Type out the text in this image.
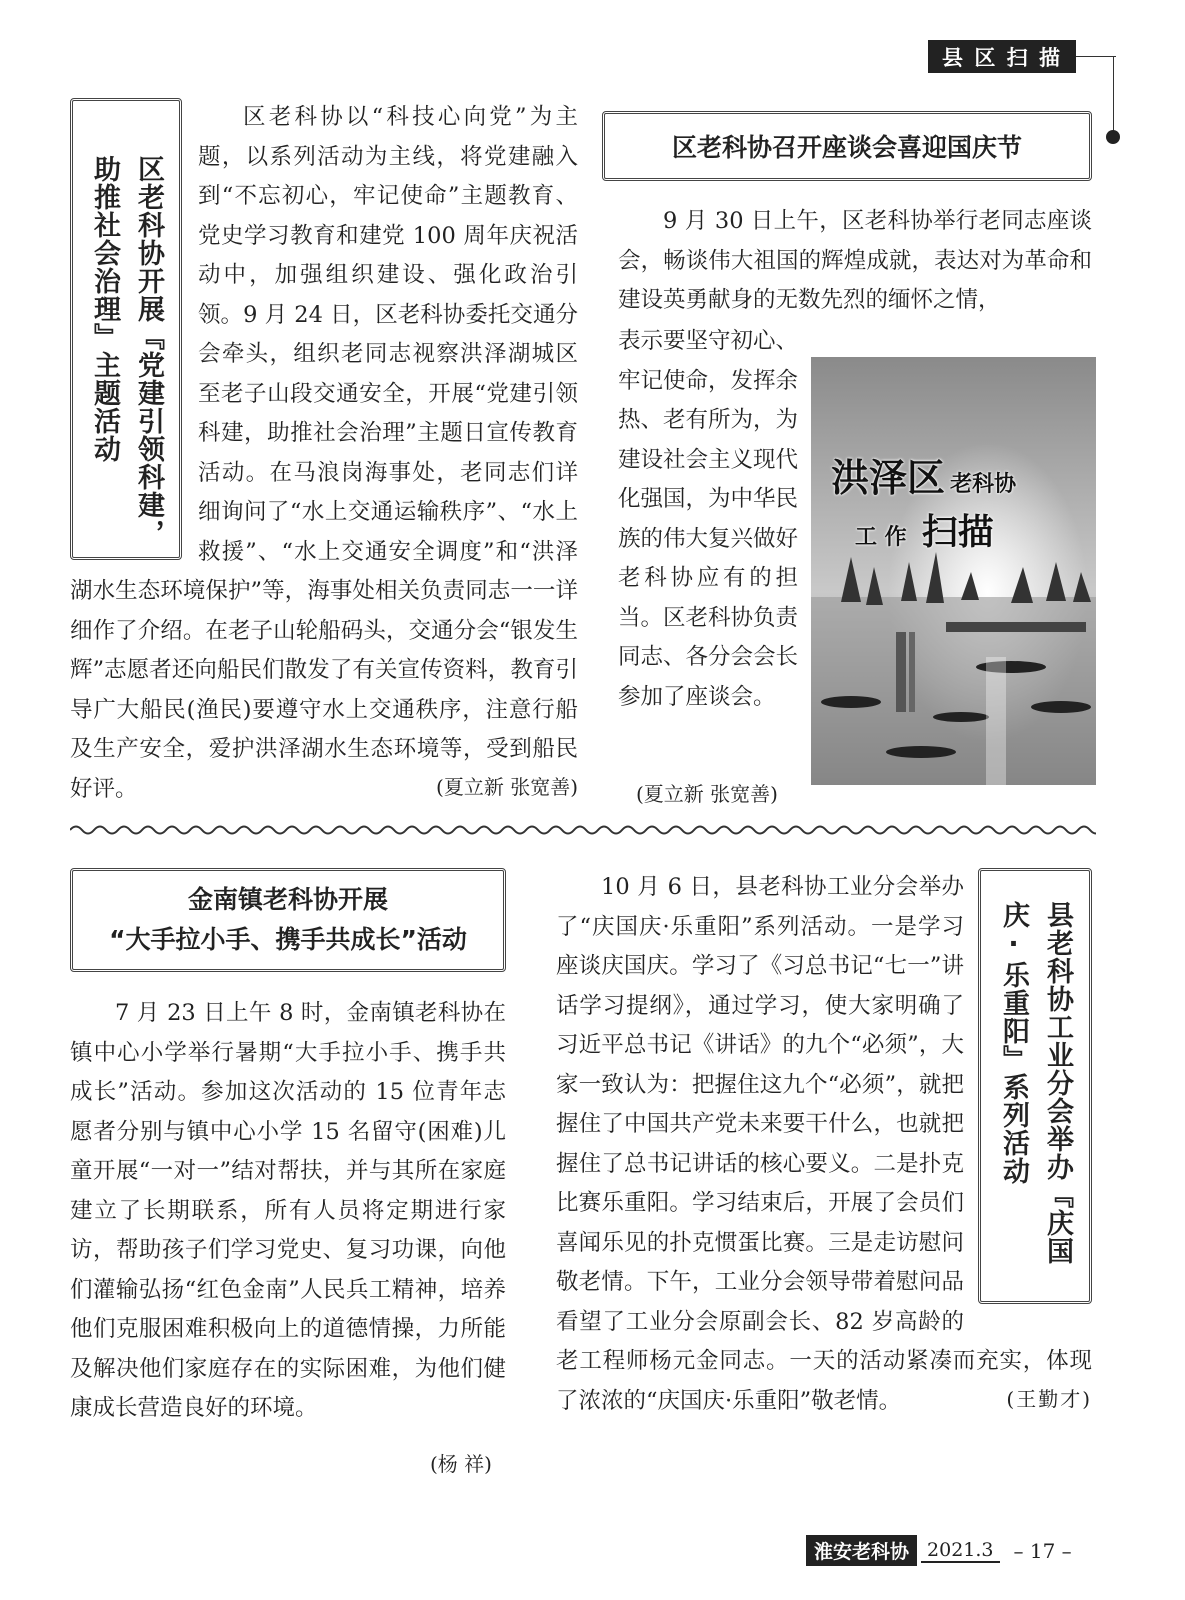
县 区 扫 描
区老科协开展『党建引领科建，助推社会治理』主题活动

区老科协以“科技心向党”为主题，以系列活动为主线，将党建融入到“不忘初心，牢记使命”主题教育、党史学习教育和建党 100 周年庆祝活动中，加强组织建设、强化政治引领。9 月 24 日，区老科协委托交通分会牵头，组织老同志视察洪泽湖城区至老子山段交通安全，开展“党建引领科建，助推社会治理”主题日宣传教育活动。在马浪岗海事处，老同志们详细询问了“水上交通运输秩序”、“水上救援”、“水上交通安全调度”和“洪泽湖水生态环境保护”等，海事处相关负责同志一一详细作了介绍。在老子山轮船码头，交通分会“银发生辉”志愿者还向船民们散发了有关宣传资料，教育引导广大船民(渔民)要遵守水上交通秩序，注意行船及生产安全，爱护洪泽湖水生态环境等，受到船民好评。	(夏立新 张宽善)
区老科协召开座谈会喜迎国庆节

9 月 30 日上午，区老科协举行老同志座谈会，畅谈伟大祖国的辉煌成就，表达对为革命和建设英勇献身的无数先烈的缅怀之情，

表示要坚守初心、牢记使命，发挥余热、老有所为，为建设社会主义现代化强国，为中华民族的伟大复兴做好老科协应有的担当。区老科协负责同志、各分会会长参加了座谈会。

(夏立新 张宽善)
洪泽区 老科协
工 作 扫描
金南镇老科协开展
“大手拉小手、携手共成长”活动

7 月 23 日上午 8 时，金南镇老科协在镇中心小学举行暑期“大手拉小手、携手共成长”活动。参加这次活动的 15 位青年志愿者分别与镇中心小学 15 名留守(困难)儿童开展“一对一”结对帮扶，并与其所在家庭建立了长期联系，所有人员将定期进行家访，帮助孩子们学习党史、复习功课，向他们灌输弘扬“红色金南”人民兵工精神，培养他们克服困难积极向上的道德情操，力所能及解决他们家庭存在的实际困难，为他们健康成长营造良好的环境。

(杨 祥)
县老科协工业分会举办『庆国庆·乐重阳』系列活动

10 月 6 日，县老科协工业分会举办了“庆国庆·乐重阳”系列活动。一是学习座谈庆国庆。学习了《习总书记“七一”讲话学习提纲》，通过学习，使大家明确了习近平总书记《讲话》的九个“必须”，大家一致认为：把握住这九个“必须”，就把握住了中国共产党未来要干什么，也就把握住了总书记讲话的核心要义。二是扑克比赛乐重阳。学习结束后，开展了会员们喜闻乐见的扑克惯蛋比赛。三是走访慰问敬老情。下午，工业分会领导带着慰问品看望了工业分会原副会长、82 岁高龄的老工程师杨元金同志。一天的活动紧凑而充实，体现了浓浓的“庆国庆·乐重阳”敬老情。	(王勤才)
淮安老科协 2021.3	– 17 –
